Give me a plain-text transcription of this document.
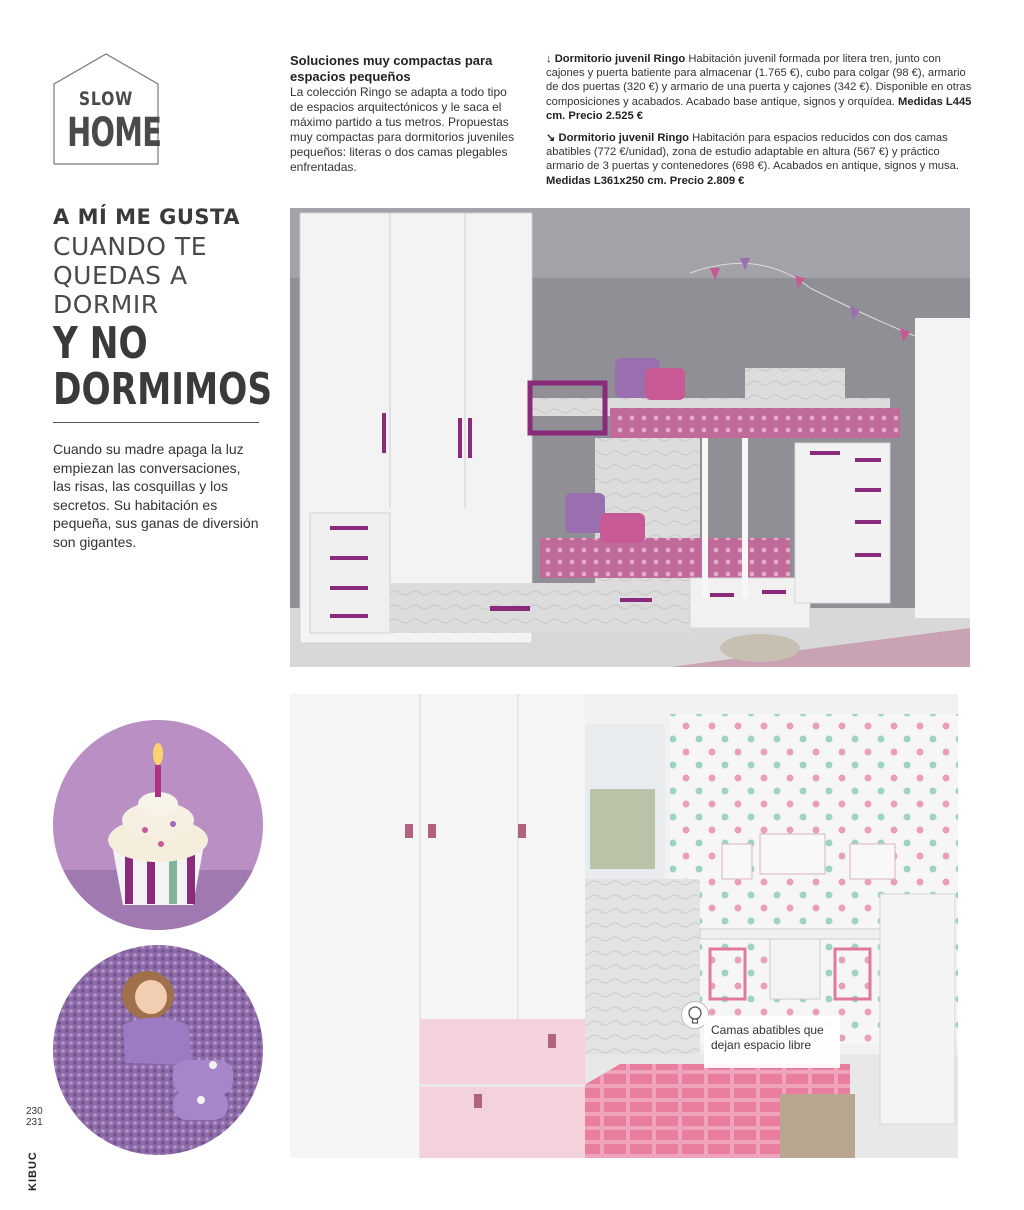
SLOW
HOME
A MÍ ME GUSTA
CUANDO TE
QUEDAS A
DORMIR
Y NO
DORMIMOS
Cuando su madre apaga la luz empiezan las conversaciones, las risas, las cosquillas y los secretos. Su habitación es pequeña, sus ganas de diversión son gigantes.
Soluciones muy compactas para espacios pequeños
La colección Ringo se adapta a todo tipo de espacios arquitectónicos y le saca el máximo partido a tus metros. Propuestas muy compactas para dormitorios juveniles pequeños: literas o dos camas plegables enfrentadas.

↓ Dormitorio juvenil Ringo Habitación juvenil formada por litera tren, junto con cajones y puerta batiente para almacenar (1.765 €), cubo para colgar (98 €), armario de dos puertas (320 €) y armario de una puerta y cajones (342 €). Disponible en otras composiciones y acabados. Acabado base antique, signos y orquídea. Medidas L445 cm. Precio 2.525 €

↘ Dormitorio juvenil Ringo Habitación para espacios reducidos con dos camas abatibles (772 €/unidad), zona de estudio adaptable en altura (567 €) y práctico armario de 3 puertas y contenedores (698 €). Acabados en antique, signos y musa. Medidas L361x250 cm. Precio 2.809 €

Camas abatibles que dejan espacio libre
230
231
KIBUC
